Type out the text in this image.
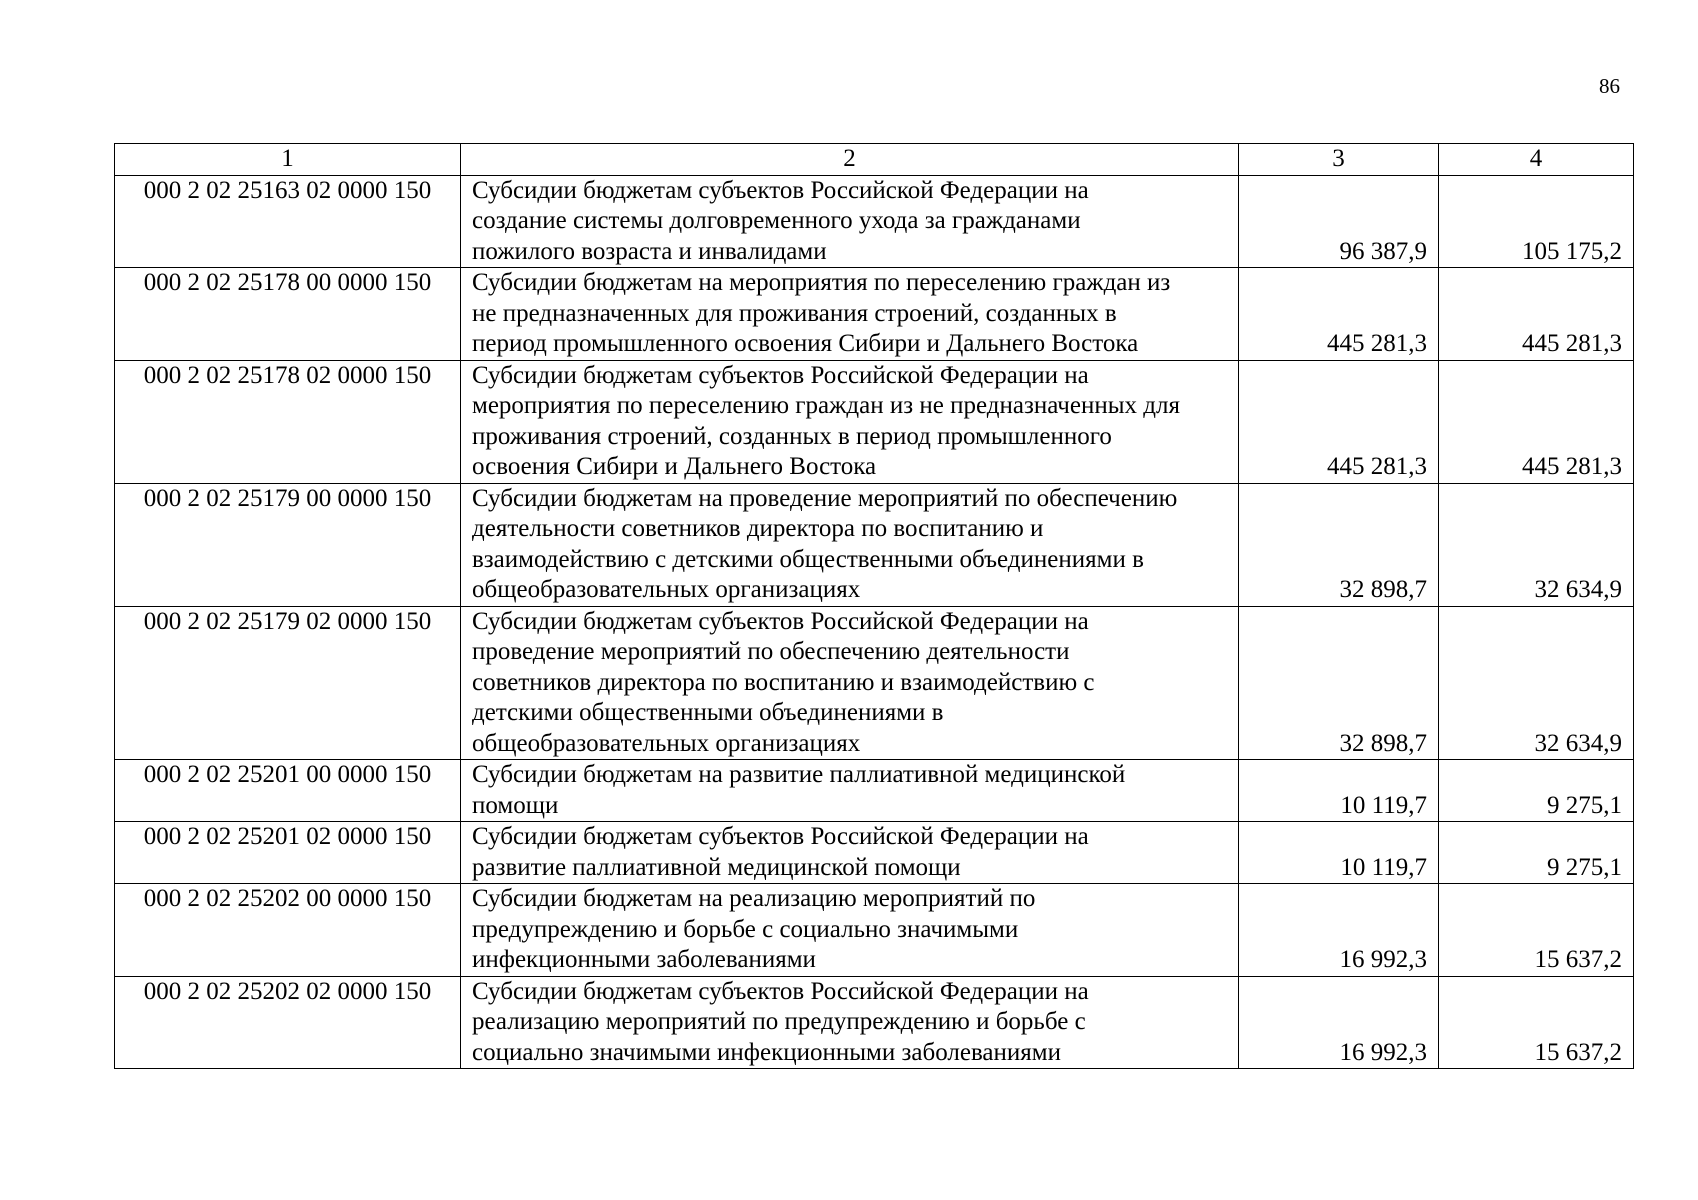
86
1	2	3	4
000 2 02 25163 02 0000 150	Субсидии бюджетам субъектов Российской Федерации на
создание системы долговременного ухода за гражданами
пожилого возраста и инвалидами	96 387,9	105 175,2
000 2 02 25178 00 0000 150	Субсидии бюджетам на мероприятия по переселению граждан из
не предназначенных для проживания строений, созданных в
период промышленного освоения Сибири и Дальнего Востока	445 281,3	445 281,3
000 2 02 25178 02 0000 150	Субсидии бюджетам субъектов Российской Федерации на
мероприятия по переселению граждан из не предназначенных для
проживания строений, созданных в период промышленного
освоения Сибири и Дальнего Востока	445 281,3	445 281,3
000 2 02 25179 00 0000 150	Субсидии бюджетам на проведение мероприятий по обеспечению
деятельности советников директора по воспитанию и
взаимодействию с детскими общественными объединениями в
общеобразовательных организациях	32 898,7	32 634,9
000 2 02 25179 02 0000 150	Субсидии бюджетам субъектов Российской Федерации на
проведение мероприятий по обеспечению деятельности
советников директора по воспитанию и взаимодействию с
детскими общественными объединениями в
общеобразовательных организациях	32 898,7	32 634,9
000 2 02 25201 00 0000 150	Субсидии бюджетам на развитие паллиативной медицинской
помощи	10 119,7	9 275,1
000 2 02 25201 02 0000 150	Субсидии бюджетам субъектов Российской Федерации на
развитие паллиативной медицинской помощи	10 119,7	9 275,1
000 2 02 25202 00 0000 150	Субсидии бюджетам на реализацию мероприятий по
предупреждению и борьбе с социально значимыми
инфекционными заболеваниями	16 992,3	15 637,2
000 2 02 25202 02 0000 150	Субсидии бюджетам субъектов Российской Федерации на
реализацию мероприятий по предупреждению и борьбе с
социально значимыми инфекционными заболеваниями	16 992,3	15 637,2
